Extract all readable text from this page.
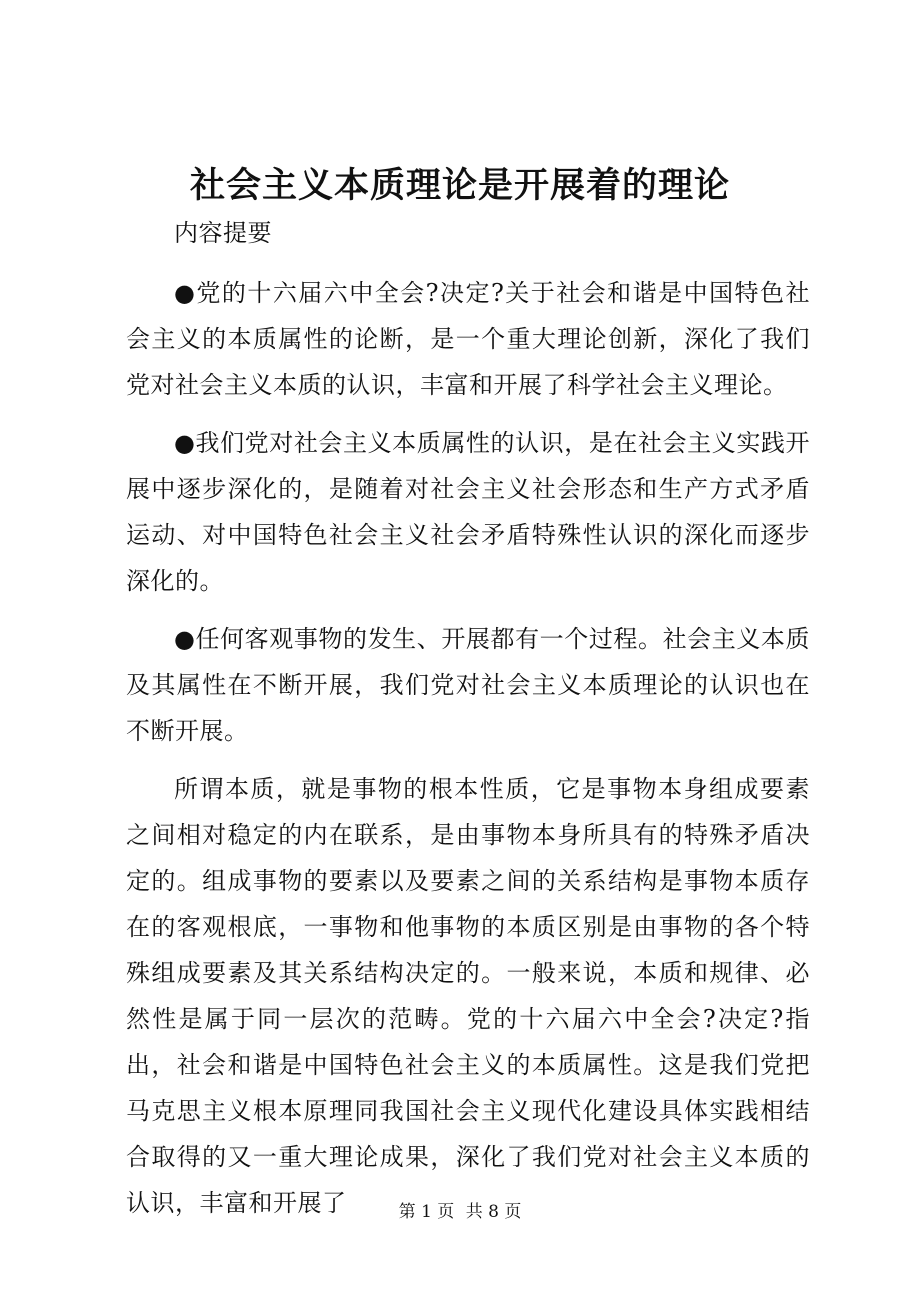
社会主义本质理论是开展着的理论

内容提要

●党的十六届六中全会?决定?关于社会和谐是中国特色社会主义的本质属性的论断，是一个重大理论创新，深化了我们党对社会主义本质的认识，丰富和开展了科学社会主义理论。

●我们党对社会主义本质属性的认识，是在社会主义实践开展中逐步深化的，是随着对社会主义社会形态和生产方式矛盾运动、对中国特色社会主义社会矛盾特殊性认识的深化而逐步深化的。

●任何客观事物的发生、开展都有一个过程。社会主义本质及其属性在不断开展，我们党对社会主义本质理论的认识也在不断开展。

所谓本质，就是事物的根本性质，它是事物本身组成要素之间相对稳定的内在联系，是由事物本身所具有的特殊矛盾决定的。组成事物的要素以及要素之间的关系结构是事物本质存在的客观根底，一事物和他事物的本质区别是由事物的各个特殊组成要素及其关系结构决定的。一般来说，本质和规律、必然性是属于同一层次的范畴。党的十六届六中全会?决定?指出，社会和谐是中国特色社会主义的本质属性。这是我们党把马克思主义根本原理同我国社会主义现代化建设具体实践相结合取得的又一重大理论成果，深化了我们党对社会主义本质的认识，丰富和开展了	第 1 页 共 8 页
